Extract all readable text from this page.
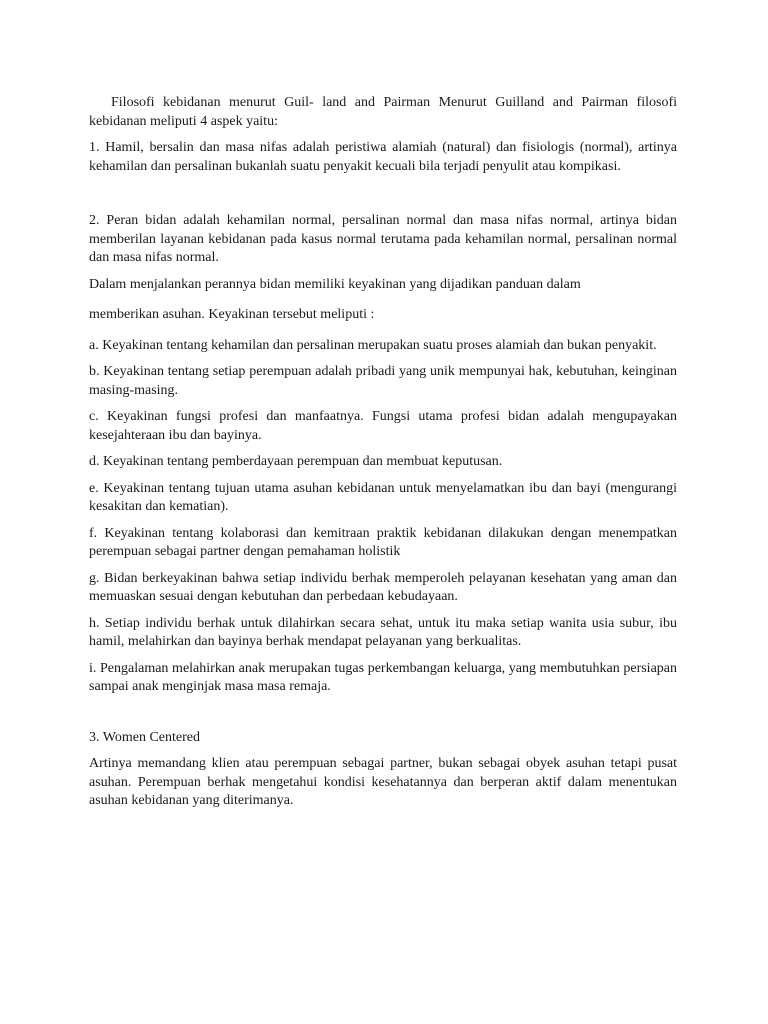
Filosofi kebidanan menurut Guil- land and Pairman Menurut Guilland and Pairman filosofi kebidanan meliputi 4 aspek yaitu:

1. Hamil, bersalin dan masa nifas adalah peristiwa alamiah (natural) dan fisiologis (normal), artinya kehamilan dan persalinan bukanlah suatu penyakit kecuali bila terjadi penyulit atau kompikasi.

2. Peran bidan adalah kehamilan normal, persalinan normal dan masa nifas normal, artinya bidan memberilan layanan kebidanan pada kasus normal terutama pada kehamilan normal, persalinan normal dan masa nifas normal.

Dalam menjalankan perannya bidan memiliki keyakinan yang dijadikan panduan dalam

memberikan asuhan. Keyakinan tersebut meliputi :

a. Keyakinan tentang kehamilan dan persalinan merupakan suatu proses alamiah dan bukan penyakit.

b. Keyakinan tentang setiap perempuan adalah pribadi yang unik mempunyai hak, kebutuhan, keinginan masing-masing.

c. Keyakinan fungsi profesi dan manfaatnya. Fungsi utama profesi bidan adalah mengupayakan kesejahteraan ibu dan bayinya.

d. Keyakinan tentang pemberdayaan perempuan dan membuat keputusan.

e. Keyakinan tentang tujuan utama asuhan kebidanan untuk menyelamatkan ibu dan bayi (mengurangi kesakitan dan kematian).

f. Keyakinan tentang kolaborasi dan kemitraan praktik kebidanan dilakukan dengan menempatkan perempuan sebagai partner dengan pemahaman holistik

g. Bidan berkeyakinan bahwa setiap individu berhak memperoleh pelayanan kesehatan yang aman dan memuaskan sesuai dengan kebutuhan dan perbedaan kebudayaan.

h. Setiap individu berhak untuk dilahirkan secara sehat, untuk itu maka setiap wanita usia subur, ibu hamil, melahirkan dan bayinya berhak mendapat pelayanan yang berkualitas.

i. Pengalaman melahirkan anak merupakan tugas perkembangan keluarga, yang membutuhkan persiapan sampai anak menginjak masa masa remaja.

3. Women Centered

Artinya memandang klien atau perempuan sebagai partner, bukan sebagai obyek asuhan tetapi pusat asuhan. Perempuan berhak mengetahui kondisi kesehatannya dan berperan aktif dalam menentukan asuhan kebidanan yang diterimanya.
